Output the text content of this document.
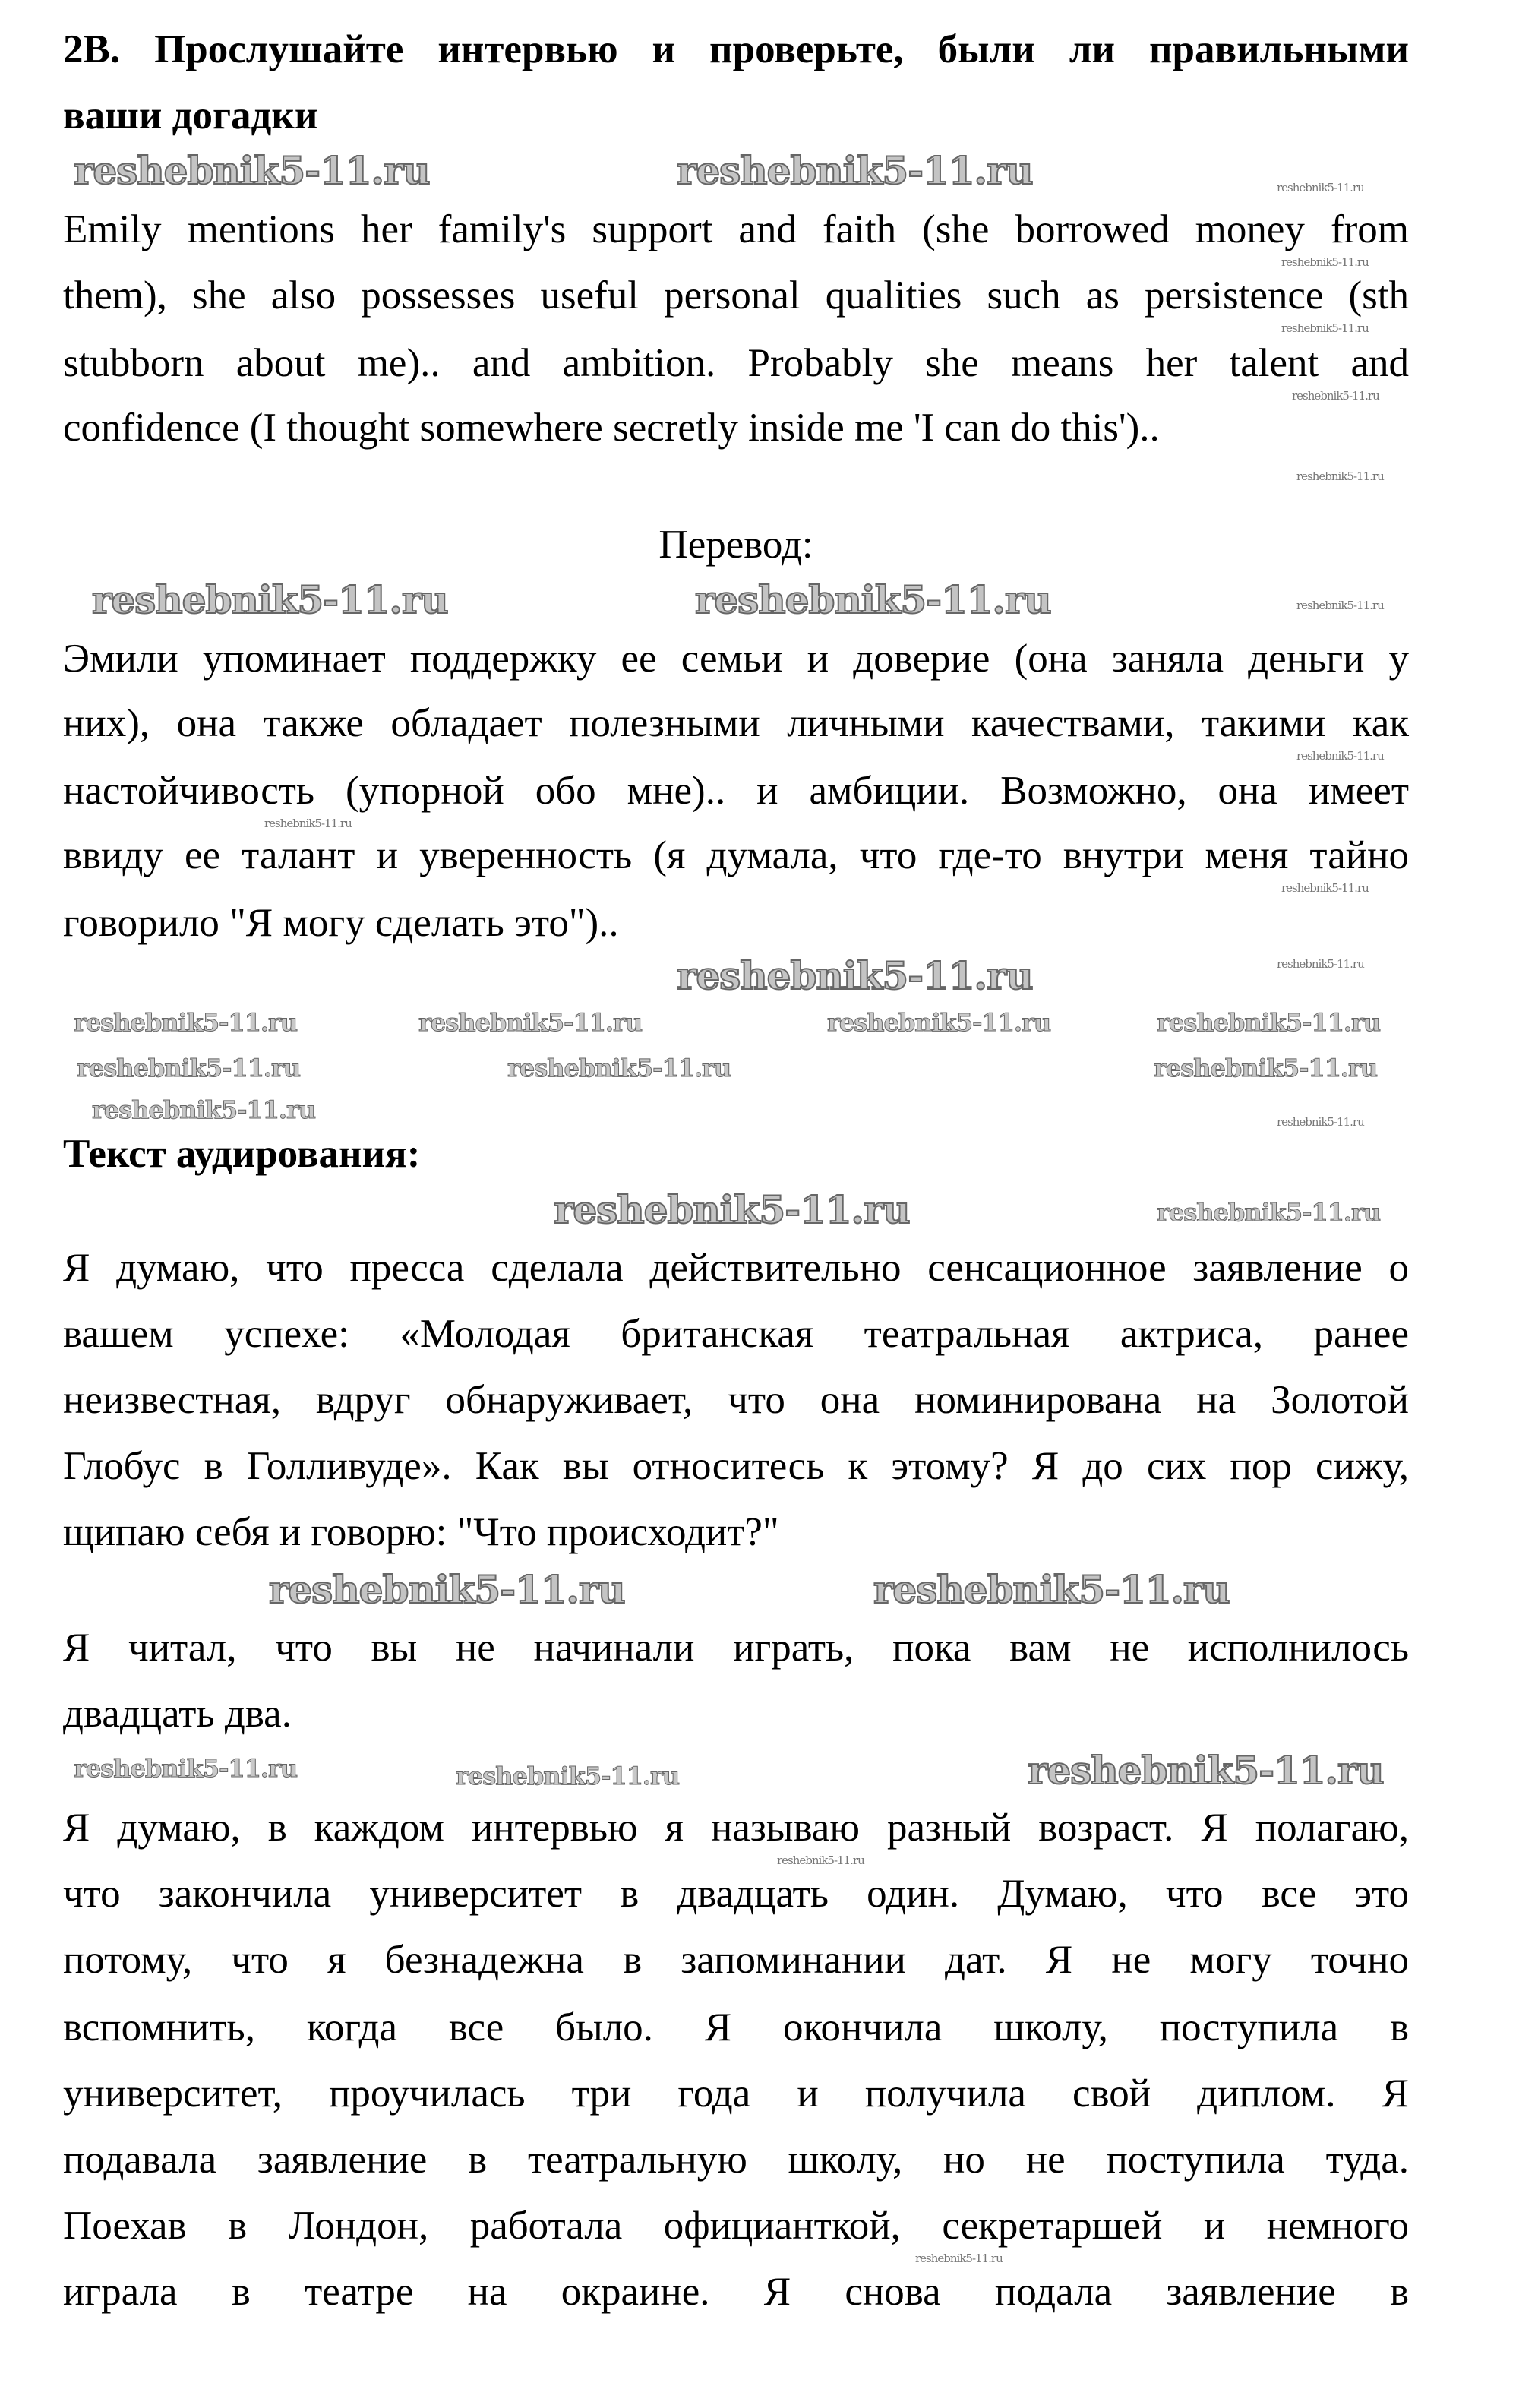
2B. Прослушайте интервью и проверьте, были ли правильными
ваши догадки
Emily mentions her family's support and faith (she borrowed money from
them), she also possesses useful personal qualities such as persistence (sth
stubborn about me).. and ambition. Probably she means her talent and
confidence (I thought somewhere secretly inside me 'I can do this')..
Перевод:
Эмили упоминает поддержку ее семьи и доверие (она заняла деньги у
них), она также обладает полезными личными качествами, такими как
настойчивость (упорной обо мне).. и амбиции. Возможно, она имеет
ввиду ее талант и уверенность (я думала, что где-то внутри меня тайно
говорило "Я могу сделать это")..
Текст аудирования:
Я думаю, что пресса сделала действительно сенсационное заявление о
вашем успехе: «Молодая британская театральная актриса, ранее
неизвестная, вдруг обнаруживает, что она номинирована на Золотой
Глобус в Голливуде». Как вы относитесь к этому? Я до сих пор сижу,
щипаю себя и говорю: "Что происходит?"
Я читал, что вы не начинали играть, пока вам не исполнилось
двадцать два.
Я думаю, в каждом интервью я называю разный возраст. Я полагаю,
что закончила университет в двадцать один. Думаю, что все это
потому, что я безнадежна в запоминании дат. Я не могу точно
вспомнить, когда все было. Я окончила школу, поступила в
университет, проучилась три года и получила свой диплом. Я
подавала заявление в театральную школу, но не поступила туда.
Поехав в Лондон, работала официанткой, секретаршей и немного
играла в театре на окраине. Я снова подала заявление в
reshebnik5-11.ru	reshebnik5-11.ru
reshebnik5-11.ru	reshebnik5-11.ru
reshebnik5-11.ru
reshebnik5-11.ru
reshebnik5-11.ru
reshebnik5-11.ru
reshebnik5-11.ru
reshebnik5-11.ru
reshebnik5-11.ru
reshebnik5-11.ru	reshebnik5-11.ru
reshebnik5-11.ru	reshebnik5-11.ru	reshebnik5-11.ru	reshebnik5-11.ru
reshebnik5-11.ru	reshebnik5-11.ru	reshebnik5-11.ru
reshebnik5-11.ru
reshebnik5-11.ru
reshebnik5-11.ru
reshebnik5-11.ru
reshebnik5-11.ru
reshebnik5-11.ru
reshebnik5-11.ru
reshebnik5-11.ru
reshebnik5-11.ru
reshebnik5-11.ru
reshebnik5-11.ru
reshebnik5-11.ru
reshebnik5-11.ru
